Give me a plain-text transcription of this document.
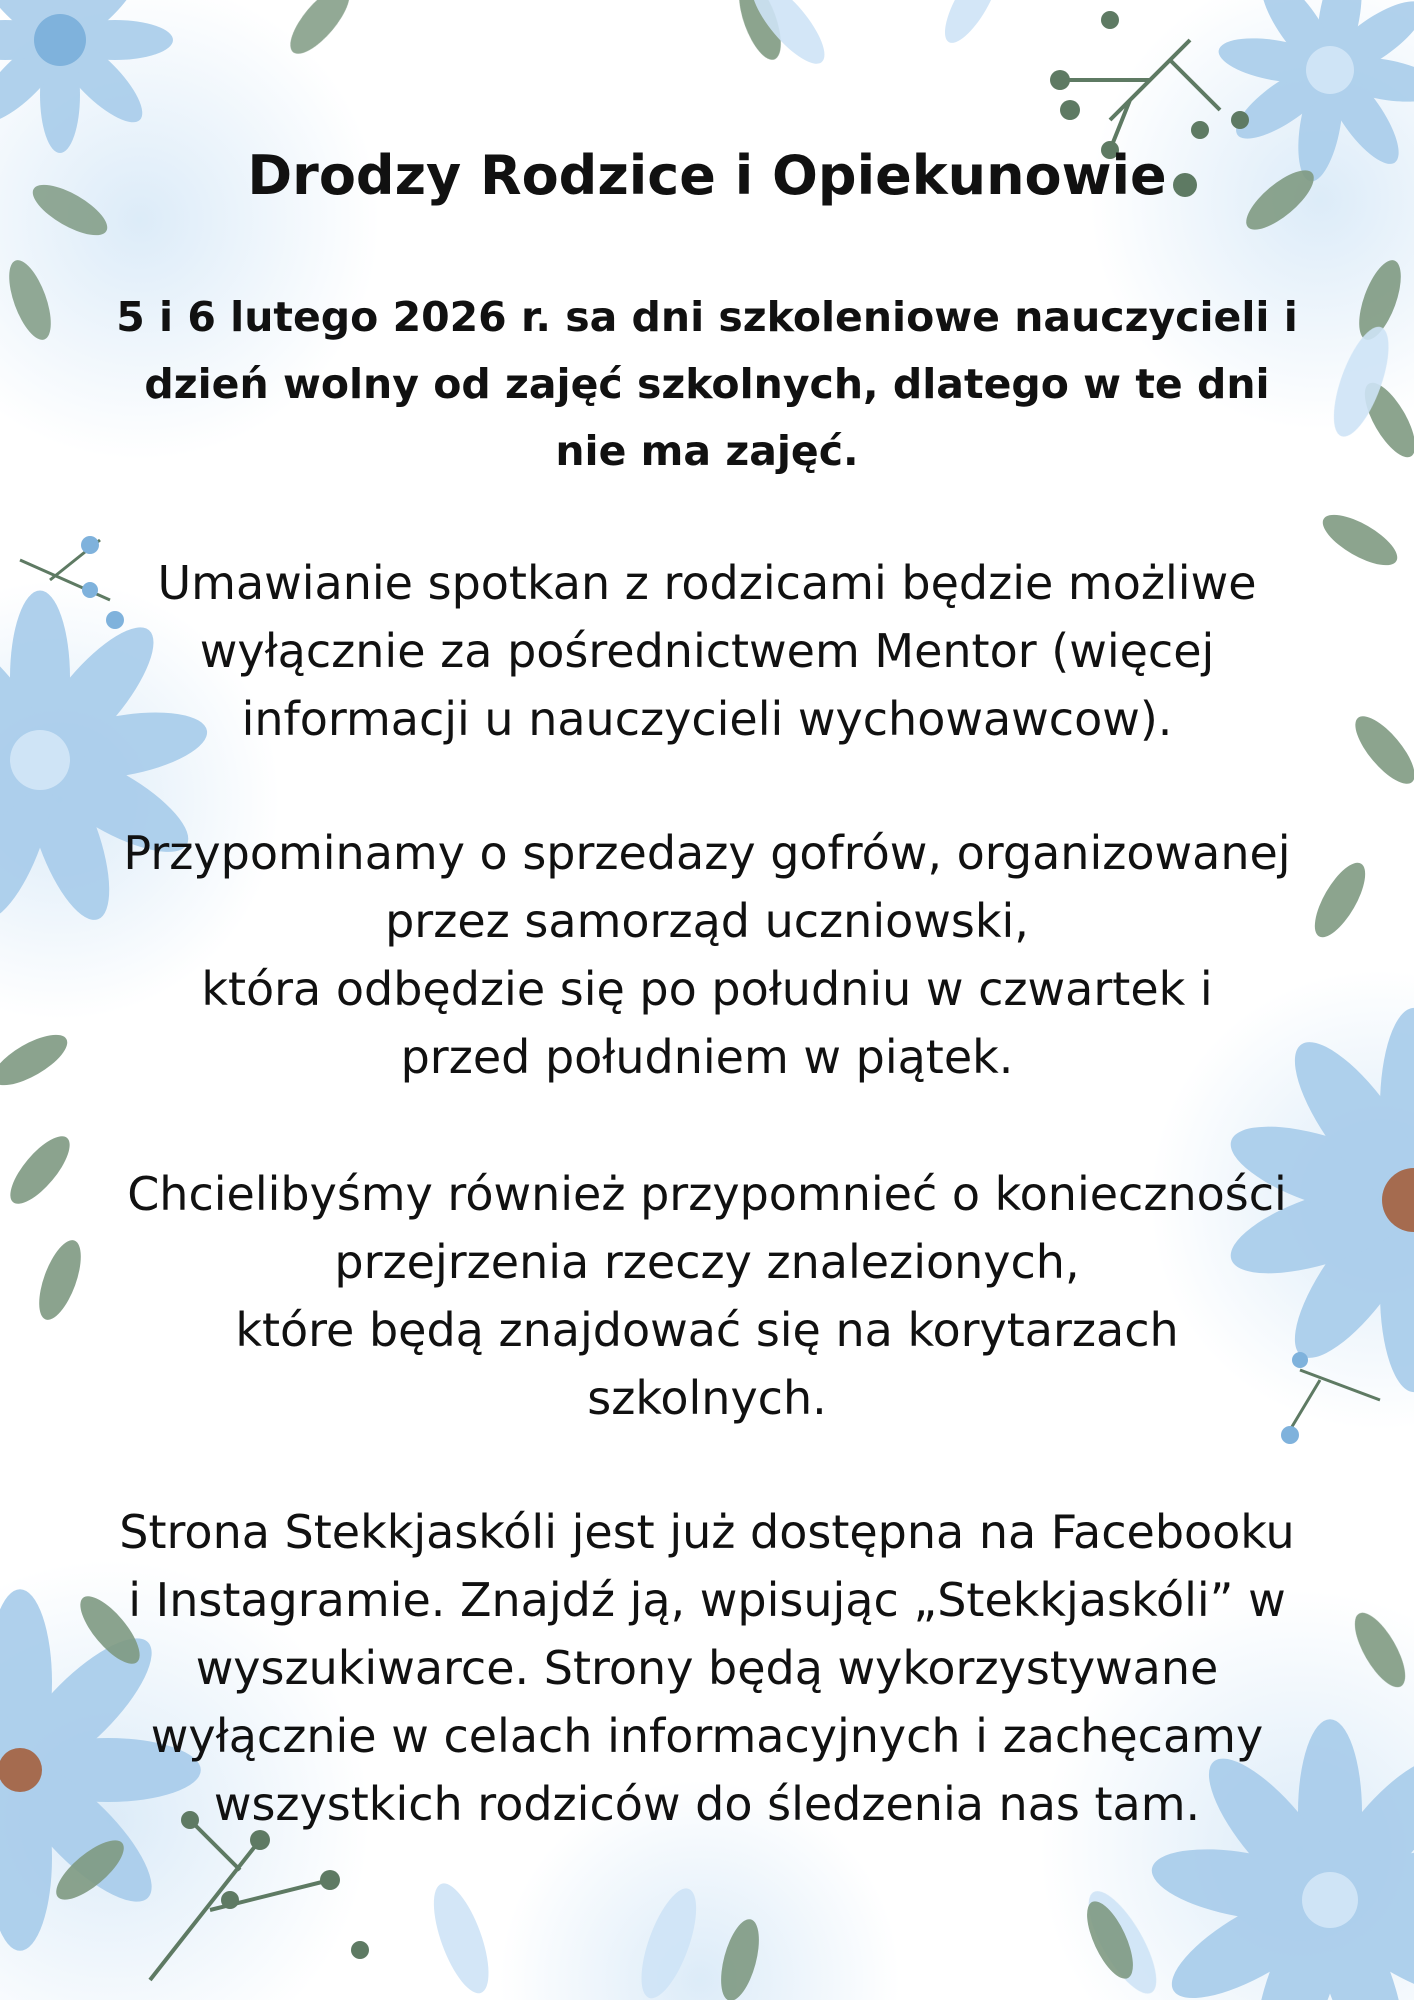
Drodzy Rodzice i Opiekunowie
5 i 6 lutego 2026 r. sa dni szkoleniowe nauczycieli i
dzień wolny od zajęć szkolnych, dlatego w te dni
nie ma zajęć.
Umawianie spotkan z rodzicami będzie możliwe
wyłącznie za pośrednictwem Mentor (więcej
informacji u nauczycieli wychowawcow).
Przypominamy o sprzedazy gofrów, organizowanej
przez samorząd uczniowski,
która odbędzie się po południu w czwartek i
przed południem w piątek.
Chcielibyśmy również przypomnieć o konieczności
przejrzenia rzeczy znalezionych,
które będą znajdować się na korytarzach
szkolnych.
Strona Stekkjaskóli jest już dostępna na Facebooku
i Instagramie. Znajdź ją, wpisując „Stekkjaskóli” w
wyszukiwarce. Strony będą wykorzystywane
wyłącznie w celach informacyjnych i zachęcamy
wszystkich rodziców do śledzenia nas tam.
